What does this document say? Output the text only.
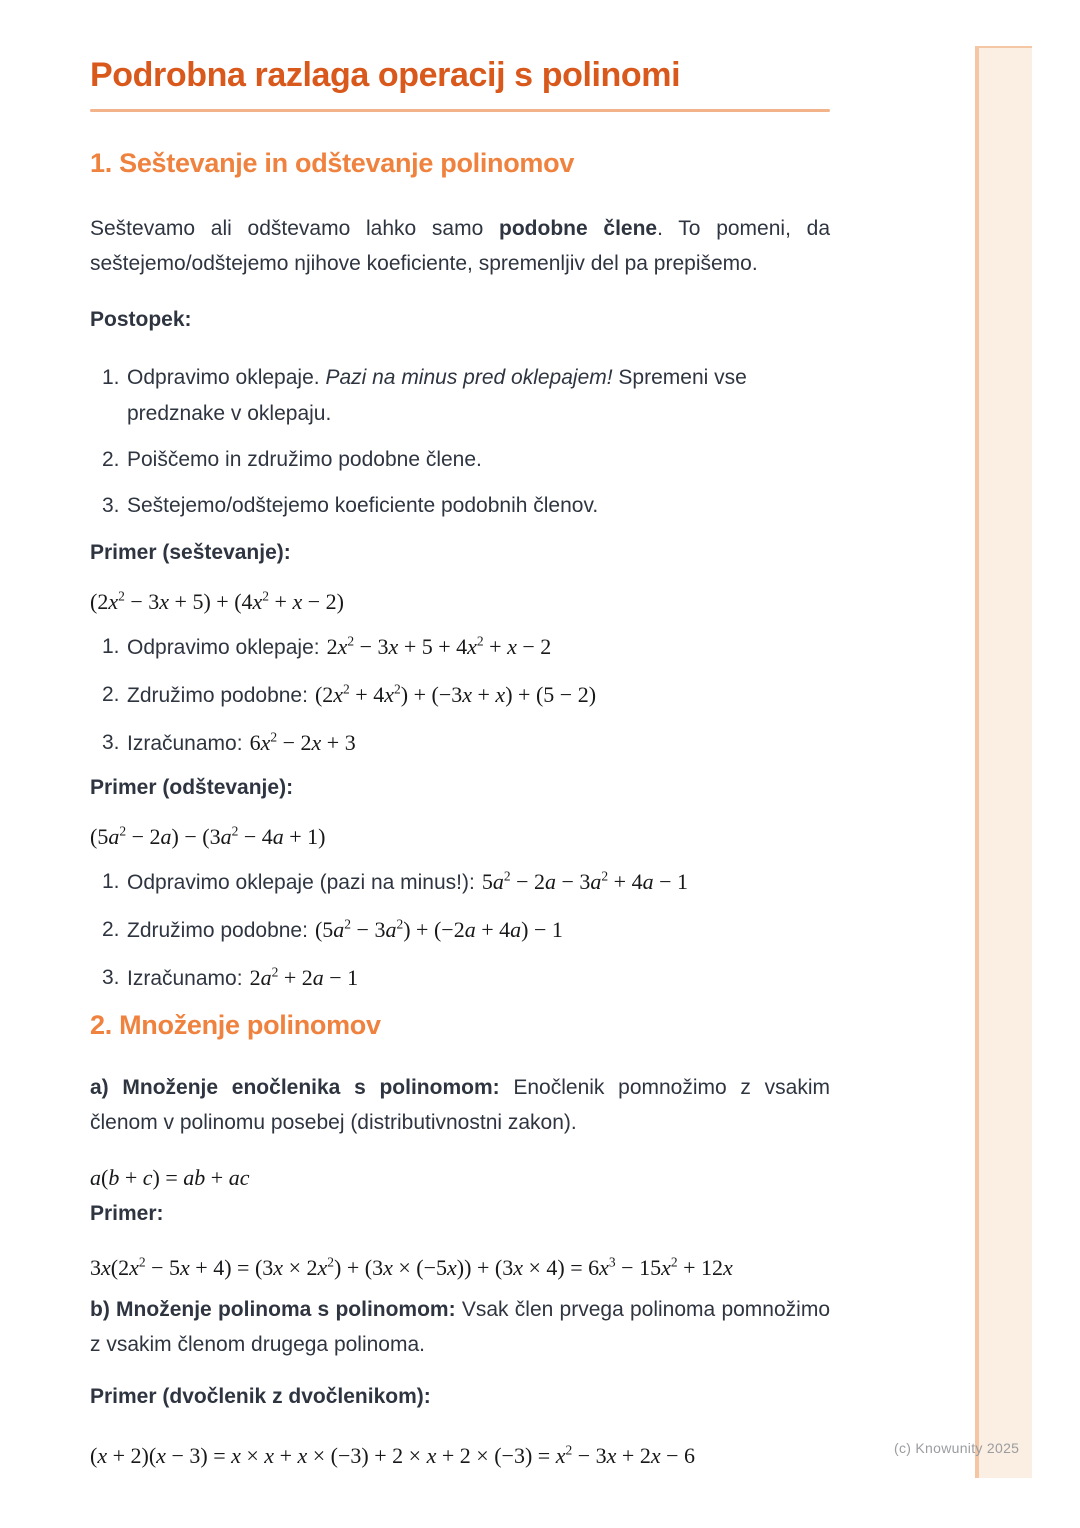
Podrobna razlaga operacij s polinomi
1. Seštevanje in odštevanje polinomov

Seštevamo ali odštevamo lahko samo podobne člene. To pomeni, da seštejemo/odštejemo njihove koeficiente, spremenljiv del pa prepišemo.

Postopek:

1. Odpravimo oklepaje. Pazi na minus pred oklepajem! Spremeni vse predznake v oklepaju.
2. Poiščemo in združimo podobne člene.
3. Seštejemo/odštejemo koeficiente podobnih členov.

Primer (seštevanje):

$(2x^2 - 3x + 5) + (4x^2 + x - 2)$
1. Odpravimo oklepaje: $2x^2 - 3x + 5 + 4x^2 + x - 2$
2. Združimo podobne: $(2x^2 + 4x^2) + (-3x + x) + (5 - 2)$
3. Izračunamo: $6x^2 - 2x + 3$

Primer (odštevanje):

$(5a^2 - 2a) - (3a^2 - 4a + 1)$
1. Odpravimo oklepaje (pazi na minus!): $5a^2 - 2a - 3a^2 + 4a - 1$
2. Združimo podobne: $(5a^2 - 3a^2) + (-2a + 4a) - 1$
3. Izračunamo: $2a^2 + 2a - 1$
2. Množenje polinomov

a) Množenje enočlenika s polinomom: Enočlenik pomnožimo z vsakim členom v polinomu posebej (distributivnostni zakon).

a(b + c) = ab + ac

Primer:

$3x(2x^2 - 5x + 4) = (3x \times 2x^2) + (3x \times (-5x)) + (3x \times 4) = 6x^3 - 15x^2 + 12x$

b) Množenje polinoma s polinomom: Vsak člen prvega polinoma pomnožimo z vsakim členom drugega polinoma.

Primer (dvočlenik z dvočlenikom):

$(x + 2)(x - 3) = x \times x + x \times (-3) + 2 \times x + 2 \times (-3) = x^2 - 3x + 2x - 6$	(c) Knowunity 2025
